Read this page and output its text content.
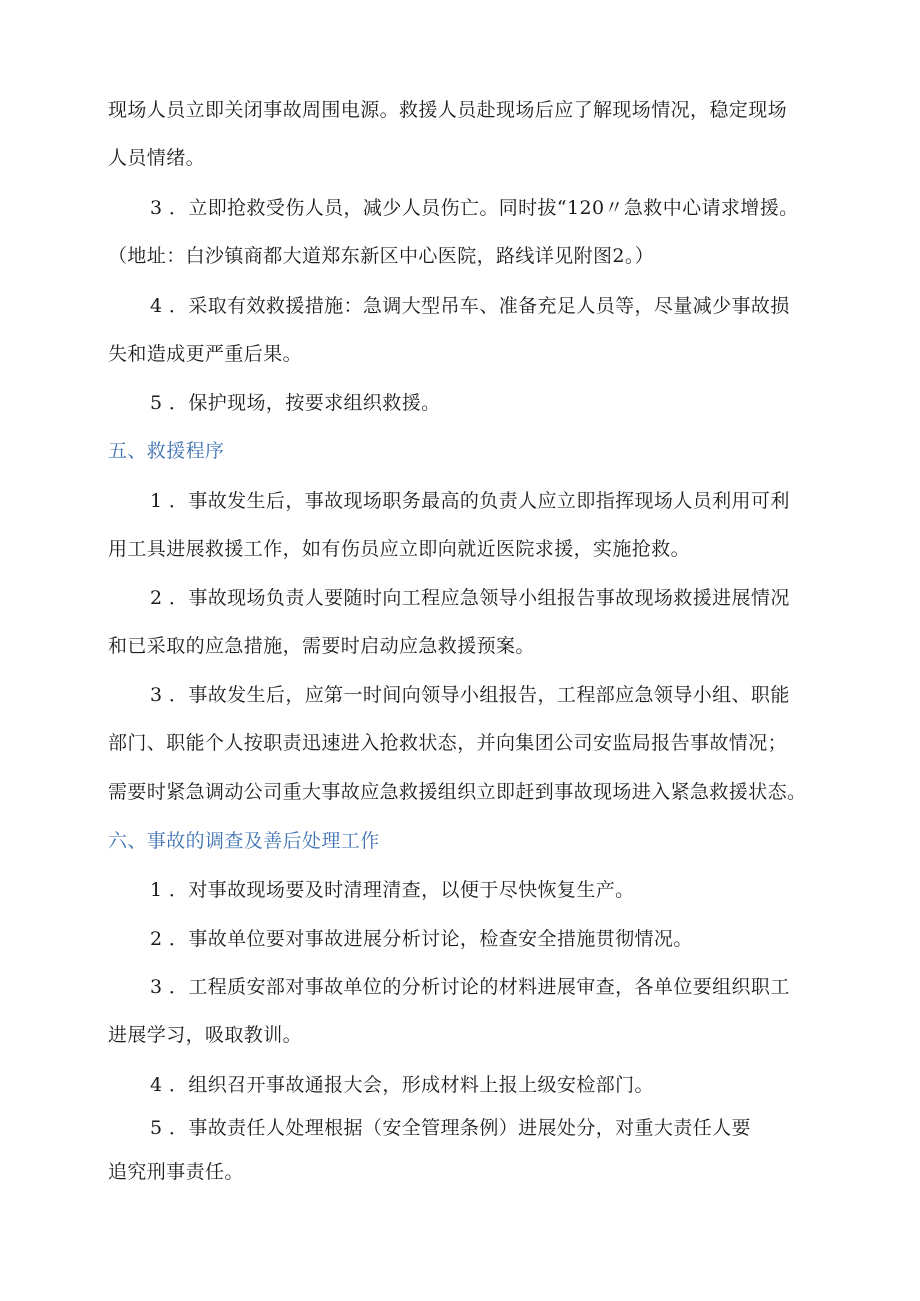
现场人员立即关闭事故周围电源。救援人员赴现场后应了解现场情况，稳定现场
人员情绪。
3 ．立即抢救受伤人员，减少人员伤亡。同时拔“120〃急救中心请求增援。
（地址：白沙镇商都大道郑东新区中心医院，路线详见附图2。）
4 ．采取有效救援措施：急调大型吊车、准备充足人员等，尽量减少事故损
失和造成更严重后果。
5 ．保护现场，按要求组织救援。
五、救援程序
1 ．事故发生后，事故现场职务最高的负责人应立即指挥现场人员利用可利
用工具进展救援工作，如有伤员应立即向就近医院求援，实施抢救。
2 ．事故现场负责人要随时向工程应急领导小组报告事故现场救援进展情况
和已采取的应急措施，需要时启动应急救援预案。
3 ．事故发生后，应第一时间向领导小组报告，工程部应急领导小组、职能
部门、职能个人按职责迅速进入抢救状态，并向集团公司安监局报告事故情况；
需要时紧急调动公司重大事故应急救援组织立即赶到事故现场进入紧急救援状态。
六、事故的调查及善后处理工作
1 ．对事故现场要及时清理清查，以便于尽快恢复生产。
2 ．事故单位要对事故进展分析讨论，检查安全措施贯彻情况。
3 ．工程质安部对事故单位的分析讨论的材料进展审查，各单位要组织职工
进展学习，吸取教训。
4 ．组织召开事故通报大会，形成材料上报上级安检部门。
5 ．事故责任人处理根据（安全管理条例）进展处分，对重大责任人要
追究刑事责任。
